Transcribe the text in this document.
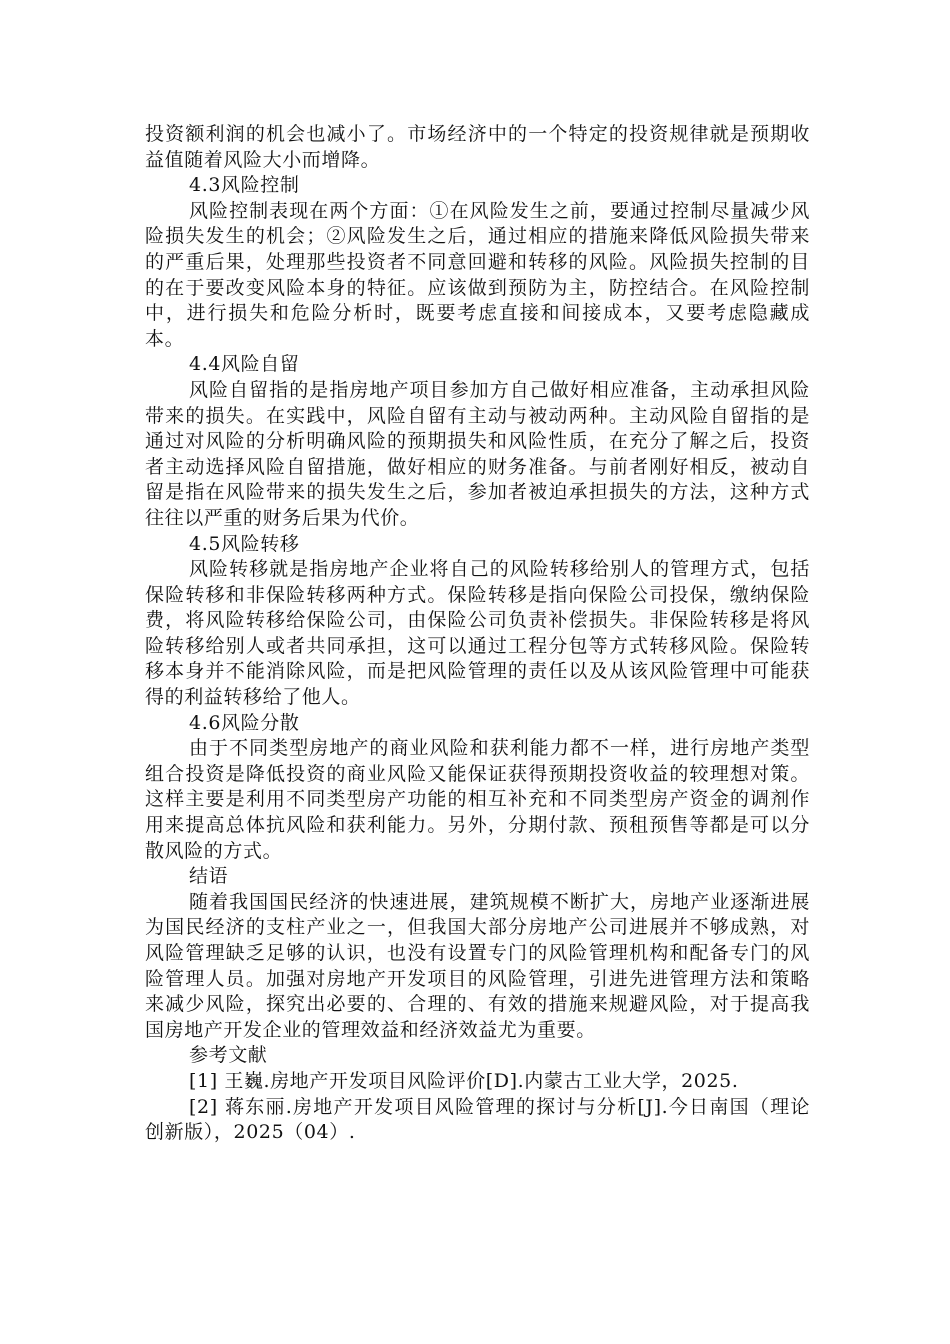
投资额利润的机会也减小了。市场经济中的一个特定的投资规律就是预期收益值随着风险大小而增降。

4.3风险控制

风险控制表现在两个方面：①在风险发生之前，要通过控制尽量减少风险损失发生的机会；②风险发生之后，通过相应的措施来降低风险损失带来的严重后果，处理那些投资者不同意回避和转移的风险。风险损失控制的目的在于要改变风险本身的特征。应该做到预防为主，防控结合。在风险控制中，进行损失和危险分析时，既要考虑直接和间接成本，又要考虑隐藏成本。

4.4风险自留

风险自留指的是指房地产项目参加方自己做好相应准备，主动承担风险带来的损失。在实践中，风险自留有主动与被动两种。主动风险自留指的是通过对风险的分析明确风险的预期损失和风险性质，在充分了解之后，投资者主动选择风险自留措施，做好相应的财务准备。与前者刚好相反，被动自留是指在风险带来的损失发生之后，参加者被迫承担损失的方法，这种方式往往以严重的财务后果为代价。

4.5风险转移

风险转移就是指房地产企业将自己的风险转移给别人的管理方式，包括保险转移和非保险转移两种方式。保险转移是指向保险公司投保，缴纳保险费，将风险转移给保险公司，由保险公司负责补偿损失。非保险转移是将风险转移给别人或者共同承担，这可以通过工程分包等方式转移风险。保险转移本身并不能消除风险，而是把风险管理的责任以及从该风险管理中可能获得的利益转移给了他人。

4.6风险分散

由于不同类型房地产的商业风险和获利能力都不一样，进行房地产类型组合投资是降低投资的商业风险又能保证获得预期投资收益的较理想对策。这样主要是利用不同类型房产功能的相互补充和不同类型房产资金的调剂作用来提高总体抗风险和获利能力。另外，分期付款、预租预售等都是可以分散风险的方式。

结语

随着我国国民经济的快速进展，建筑规模不断扩大，房地产业逐渐进展为国民经济的支柱产业之一，但我国大部分房地产公司进展并不够成熟，对风险管理缺乏足够的认识，也没有设置专门的风险管理机构和配备专门的风险管理人员。加强对房地产开发项目的风险管理，引进先进管理方法和策略来减少风险，探究出必要的、合理的、有效的措施来规避风险，对于提高我国房地产开发企业的管理效益和经济效益尤为重要。

参考文献

[1] 王巍.房地产开发项目风险评价[D].内蒙古工业大学，2025.

[2] 蒋东丽.房地产开发项目风险管理的探讨与分析[J].今日南国（理论创新版），2025（04）.
